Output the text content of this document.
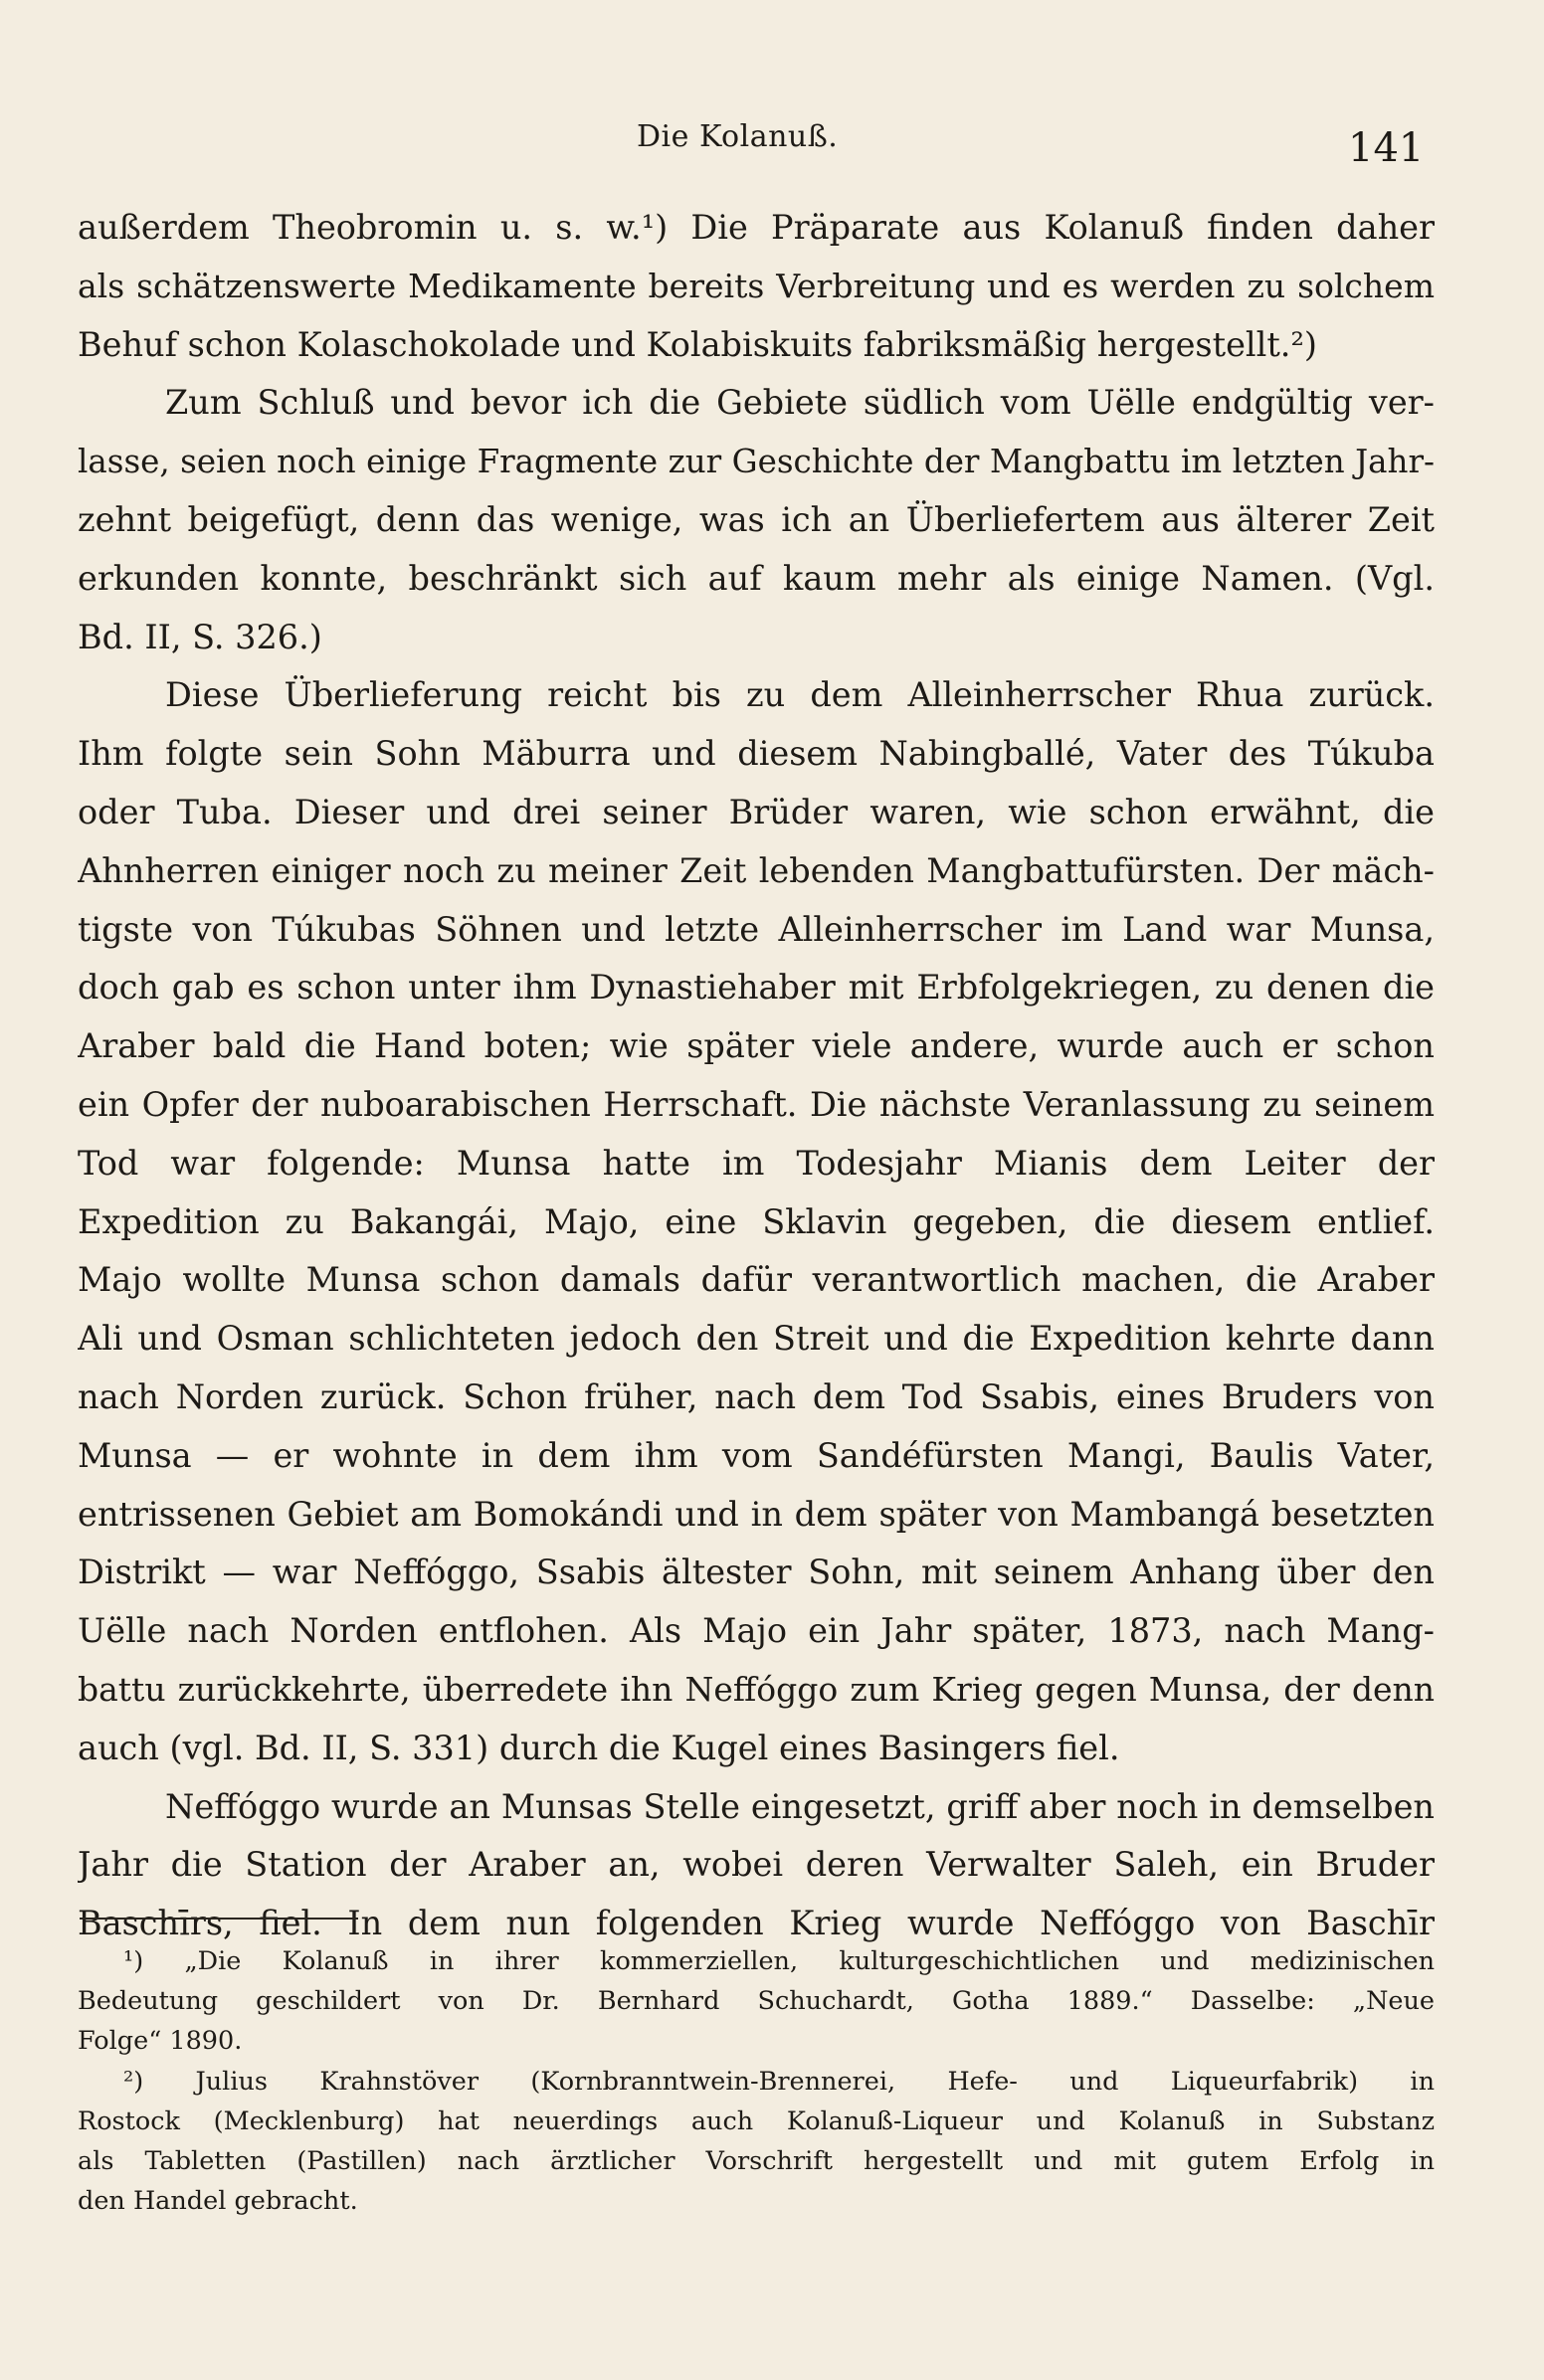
Die Kolanuß.	141
außerdem Theobromin u. s. w.¹) Die Präparate aus Kolanuß finden daher
als schätzenswerte Medikamente bereits Verbreitung und es werden zu solchem
Behuf schon Kolaschokolade und Kolabiskuits fabriksmäßig hergestellt.²)
Zum Schluß und bevor ich die Gebiete südlich vom Uëlle endgültig ver-
lasse, seien noch einige Fragmente zur Geschichte der Mangbattu im letzten Jahr-
zehnt beigefügt, denn das wenige, was ich an Überliefertem aus älterer Zeit
erkunden konnte, beschränkt sich auf kaum mehr als einige Namen. (Vgl.
Bd. II, S. 326.)
Diese Überlieferung reicht bis zu dem Alleinherrscher Rhua zurück.
Ihm folgte sein Sohn Mäburra und diesem Nabingballé, Vater des Túkuba
oder Tuba. Dieser und drei seiner Brüder waren, wie schon erwähnt, die
Ahnherren einiger noch zu meiner Zeit lebenden Mangbattufürsten. Der mäch-
tigste von Túkubas Söhnen und letzte Alleinherrscher im Land war Munsa,
doch gab es schon unter ihm Dynastiehaber mit Erbfolgekriegen, zu denen die
Araber bald die Hand boten; wie später viele andere, wurde auch er schon
ein Opfer der nuboarabischen Herrschaft. Die nächste Veranlassung zu seinem
Tod war folgende: Munsa hatte im Todesjahr Mianis dem Leiter der
Expedition zu Bakangái, Majo, eine Sklavin gegeben, die diesem entlief.
Majo wollte Munsa schon damals dafür verantwortlich machen, die Araber
Ali und Osman schlichteten jedoch den Streit und die Expedition kehrte dann
nach Norden zurück. Schon früher, nach dem Tod Ssabis, eines Bruders von
Munsa — er wohnte in dem ihm vom Sandéfürsten Mangi, Baulis Vater,
entrissenen Gebiet am Bomokándi und in dem später von Mambangá besetzten
Distrikt — war Neffóggo, Ssabis ältester Sohn, mit seinem Anhang über den
Uëlle nach Norden entflohen. Als Majo ein Jahr später, 1873, nach Mang-
battu zurückkehrte, überredete ihn Neffóggo zum Krieg gegen Munsa, der denn
auch (vgl. Bd. II, S. 331) durch die Kugel eines Basingers fiel.
Neffóggo wurde an Munsas Stelle eingesetzt, griff aber noch in demselben
Jahr die Station der Araber an, wobei deren Verwalter Saleh, ein Bruder
Baschīrs, fiel. In dem nun folgenden Krieg wurde Neffóggo von Baschīr
¹) „Die Kolanuß in ihrer kommerziellen, kulturgeschichtlichen und medizinischen
Bedeutung geschildert von Dr. Bernhard Schuchardt, Gotha 1889.“ Dasselbe: „Neue
Folge“ 1890.
²) Julius Krahnstöver (Kornbranntwein-Brennerei, Hefe- und Liqueurfabrik) in
Rostock (Mecklenburg) hat neuerdings auch Kolanuß-Liqueur und Kolanuß in Substanz
als Tabletten (Pastillen) nach ärztlicher Vorschrift hergestellt und mit gutem Erfolg in
den Handel gebracht.
